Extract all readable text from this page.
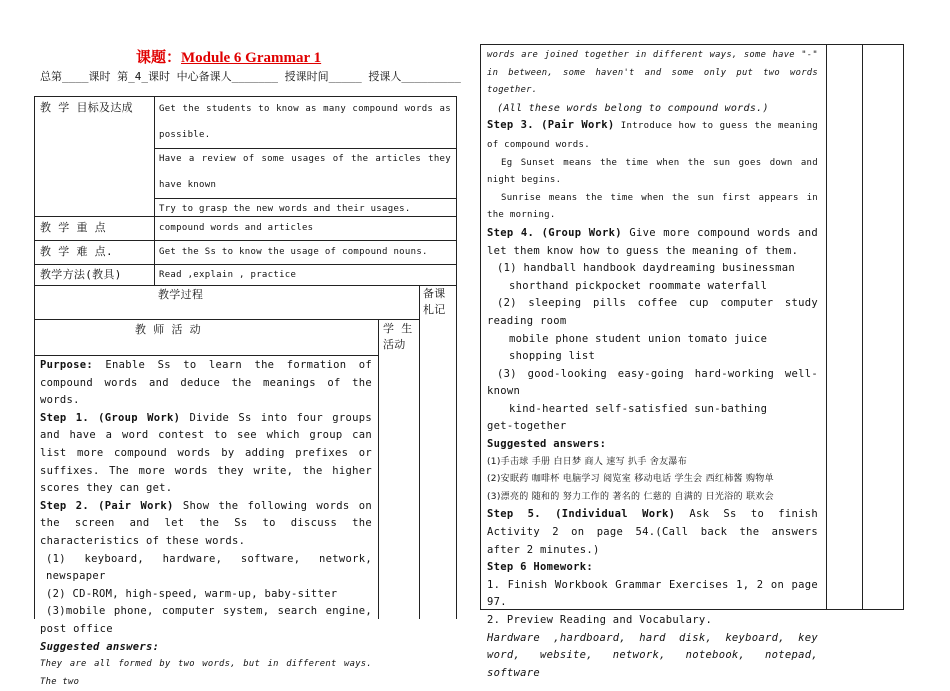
课题：Module 6 Grammar 1
总第____课时 第_4_课时 中心备课人_______ 授课时间_____ 授课人_________
教 学 目标及达成	Get the students to know as many compound words as possible.
Have a review of some usages of the articles they have known
Try to grasp the new words and their usages.
教 学 重 点	compound words and articles
教 学 难 点.	Get the Ss to know the usage of compound nouns.
教学方法(教具)	Read ,explain , practice
教学过程	备课札记
教 师 活 动	学 生 活动
Purpose: Enable Ss to learn the formation of compound words and deduce the meanings of the words.
Step 1. (Group Work) Divide Ss into four groups and have a word contest to see which group can list more compound words by adding prefixes or suffixes. The more words they write, the higher scores they can get.
Step 2. (Pair Work) Show the following words on the screen and let the Ss to discuss the characteristics of these words.

(1) keyboard, hardware, software, network, newspaper
(2) CD-ROM, high-speed, warm-up, baby-sitter
(3)mobile phone, computer system, search engine, post office
Suggested answers:
They are all formed by two words, but in different ways. The two
words are joined together in different ways, some have "-" in between, some haven't and some only put two words together.
(All these words belong to compound words.)
Step 3. (Pair Work) Introduce how to guess the meaning of compound words.
Eg Sunset means the time when the sun goes down and night begins.
Sunrise means the time when the sun first appears in the morning.
Step 4. (Group Work) Give more compound words and let them know how to guess the meaning of them.
(1) handball handbook daydreaming businessman
shorthand pickpocket roommate waterfall
(2) sleeping pills coffee cup computer study reading room
mobile phone student union tomato juice
shopping list
(3) good-looking easy-going hard-working well-known
kind-hearted self-satisfied sun-bathing
get-together
Suggested answers:
(1)手击球 手册 白日梦 商人 速写 扒手 舍友瀑布
(2)安眠药 咖啡杯 电脑学习 阅览室 移动电话 学生会 西红柿酱 购物单
(3)漂亮的 随和的 努力工作的 著名的 仁慈的 自满的 日光浴的 联欢会
Step 5. (Individual Work) Ask Ss to finish Activity 2 on page 54.(Call back the answers after 2 minutes.)
Step 6 Homework:
1. Finish Workbook Grammar Exercises 1, 2 on page 97.
2. Preview Reading and Vocabulary.
Hardware ,hardboard, hard disk, keyboard, key word, website, network, notebook, notepad, software
